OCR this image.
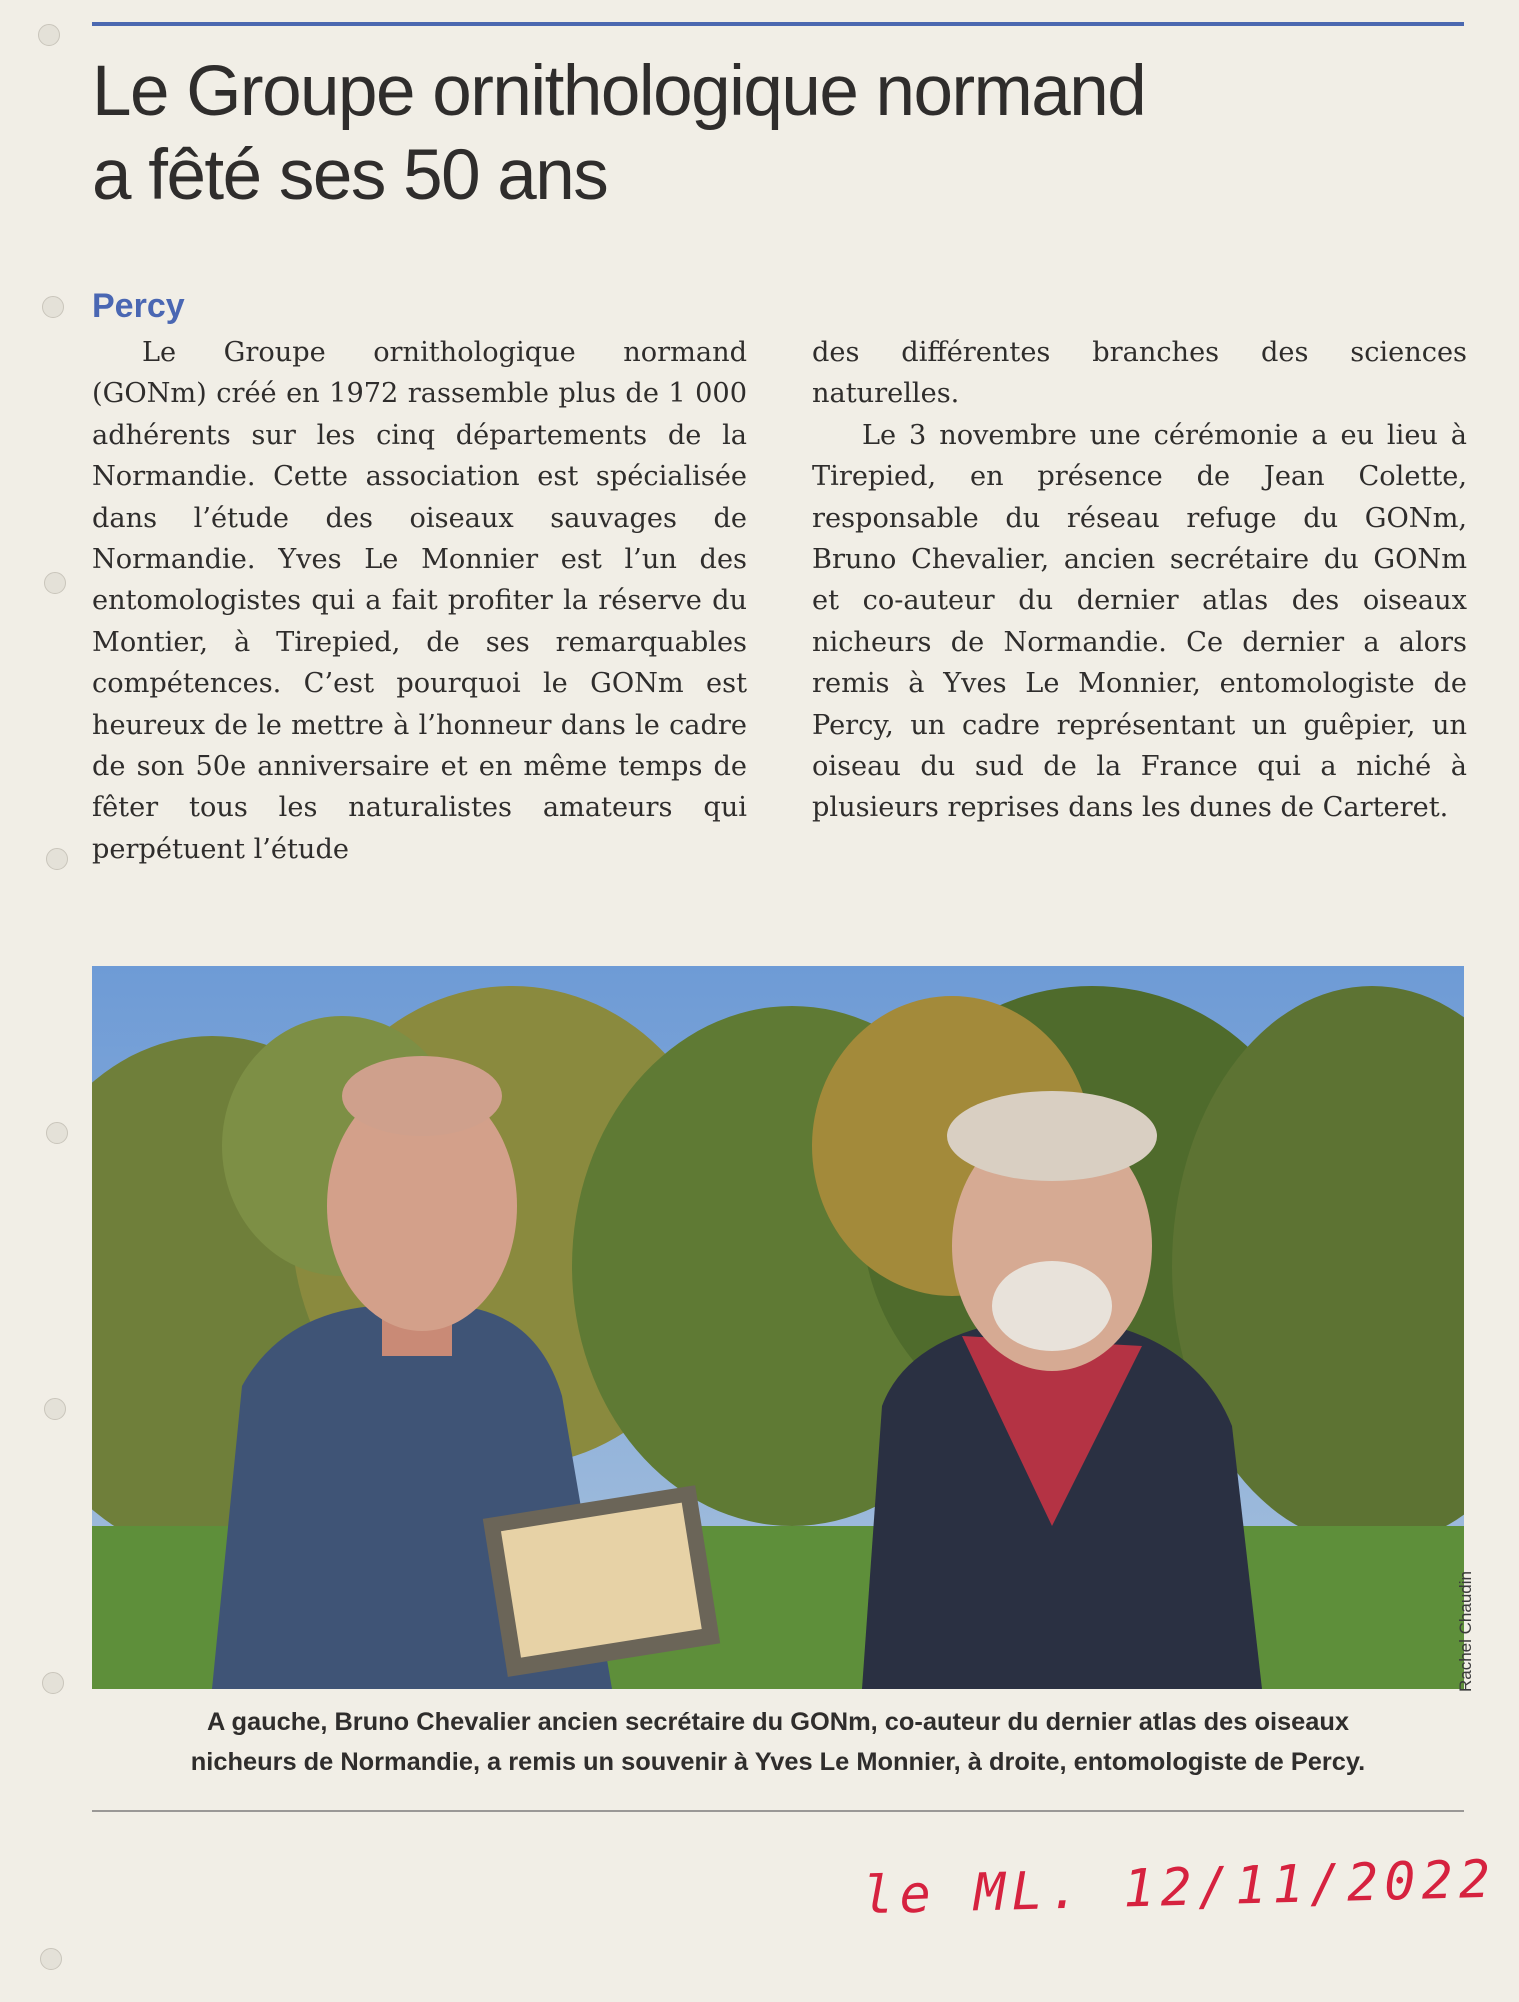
Le Groupe ornithologique normand
a fêté ses 50 ans
Percy

Le Groupe ornithologique normand (GONm) créé en 1972 rassemble plus de 1 000 adhérents sur les cinq départements de la Normandie. Cette association est spécialisée dans l’étude des oiseaux sauvages de Normandie. Yves Le Monnier est l’un des entomologistes qui a fait profiter la réserve du Montier, à Tirepied, de ses remarquables compétences. C’est pourquoi le GONm est heureux de le mettre à l’honneur dans le cadre de son 50e anniversaire et en même temps de fêter tous les naturalistes amateurs qui perpétuent l’étude

des différentes branches des sciences naturelles.

Le 3 novembre une cérémonie a eu lieu à Tirepied, en présence de Jean Colette, responsable du réseau refuge du GONm, Bruno Chevalier, ancien secrétaire du GONm et co-auteur du dernier atlas des oiseaux nicheurs de Normandie. Ce dernier a alors remis à Yves Le Monnier, entomologiste de Percy, un cadre représentant un guêpier, un oiseau du sud de la France qui a niché à plusieurs reprises dans les dunes de Carteret.

Rachel Chaudin
A gauche, Bruno Chevalier ancien secrétaire du GONm, co-auteur du dernier atlas des oiseaux
nicheurs de Normandie, a remis un souvenir à Yves Le Monnier, à droite, entomologiste de Percy.
le ML. 12/11/2022
